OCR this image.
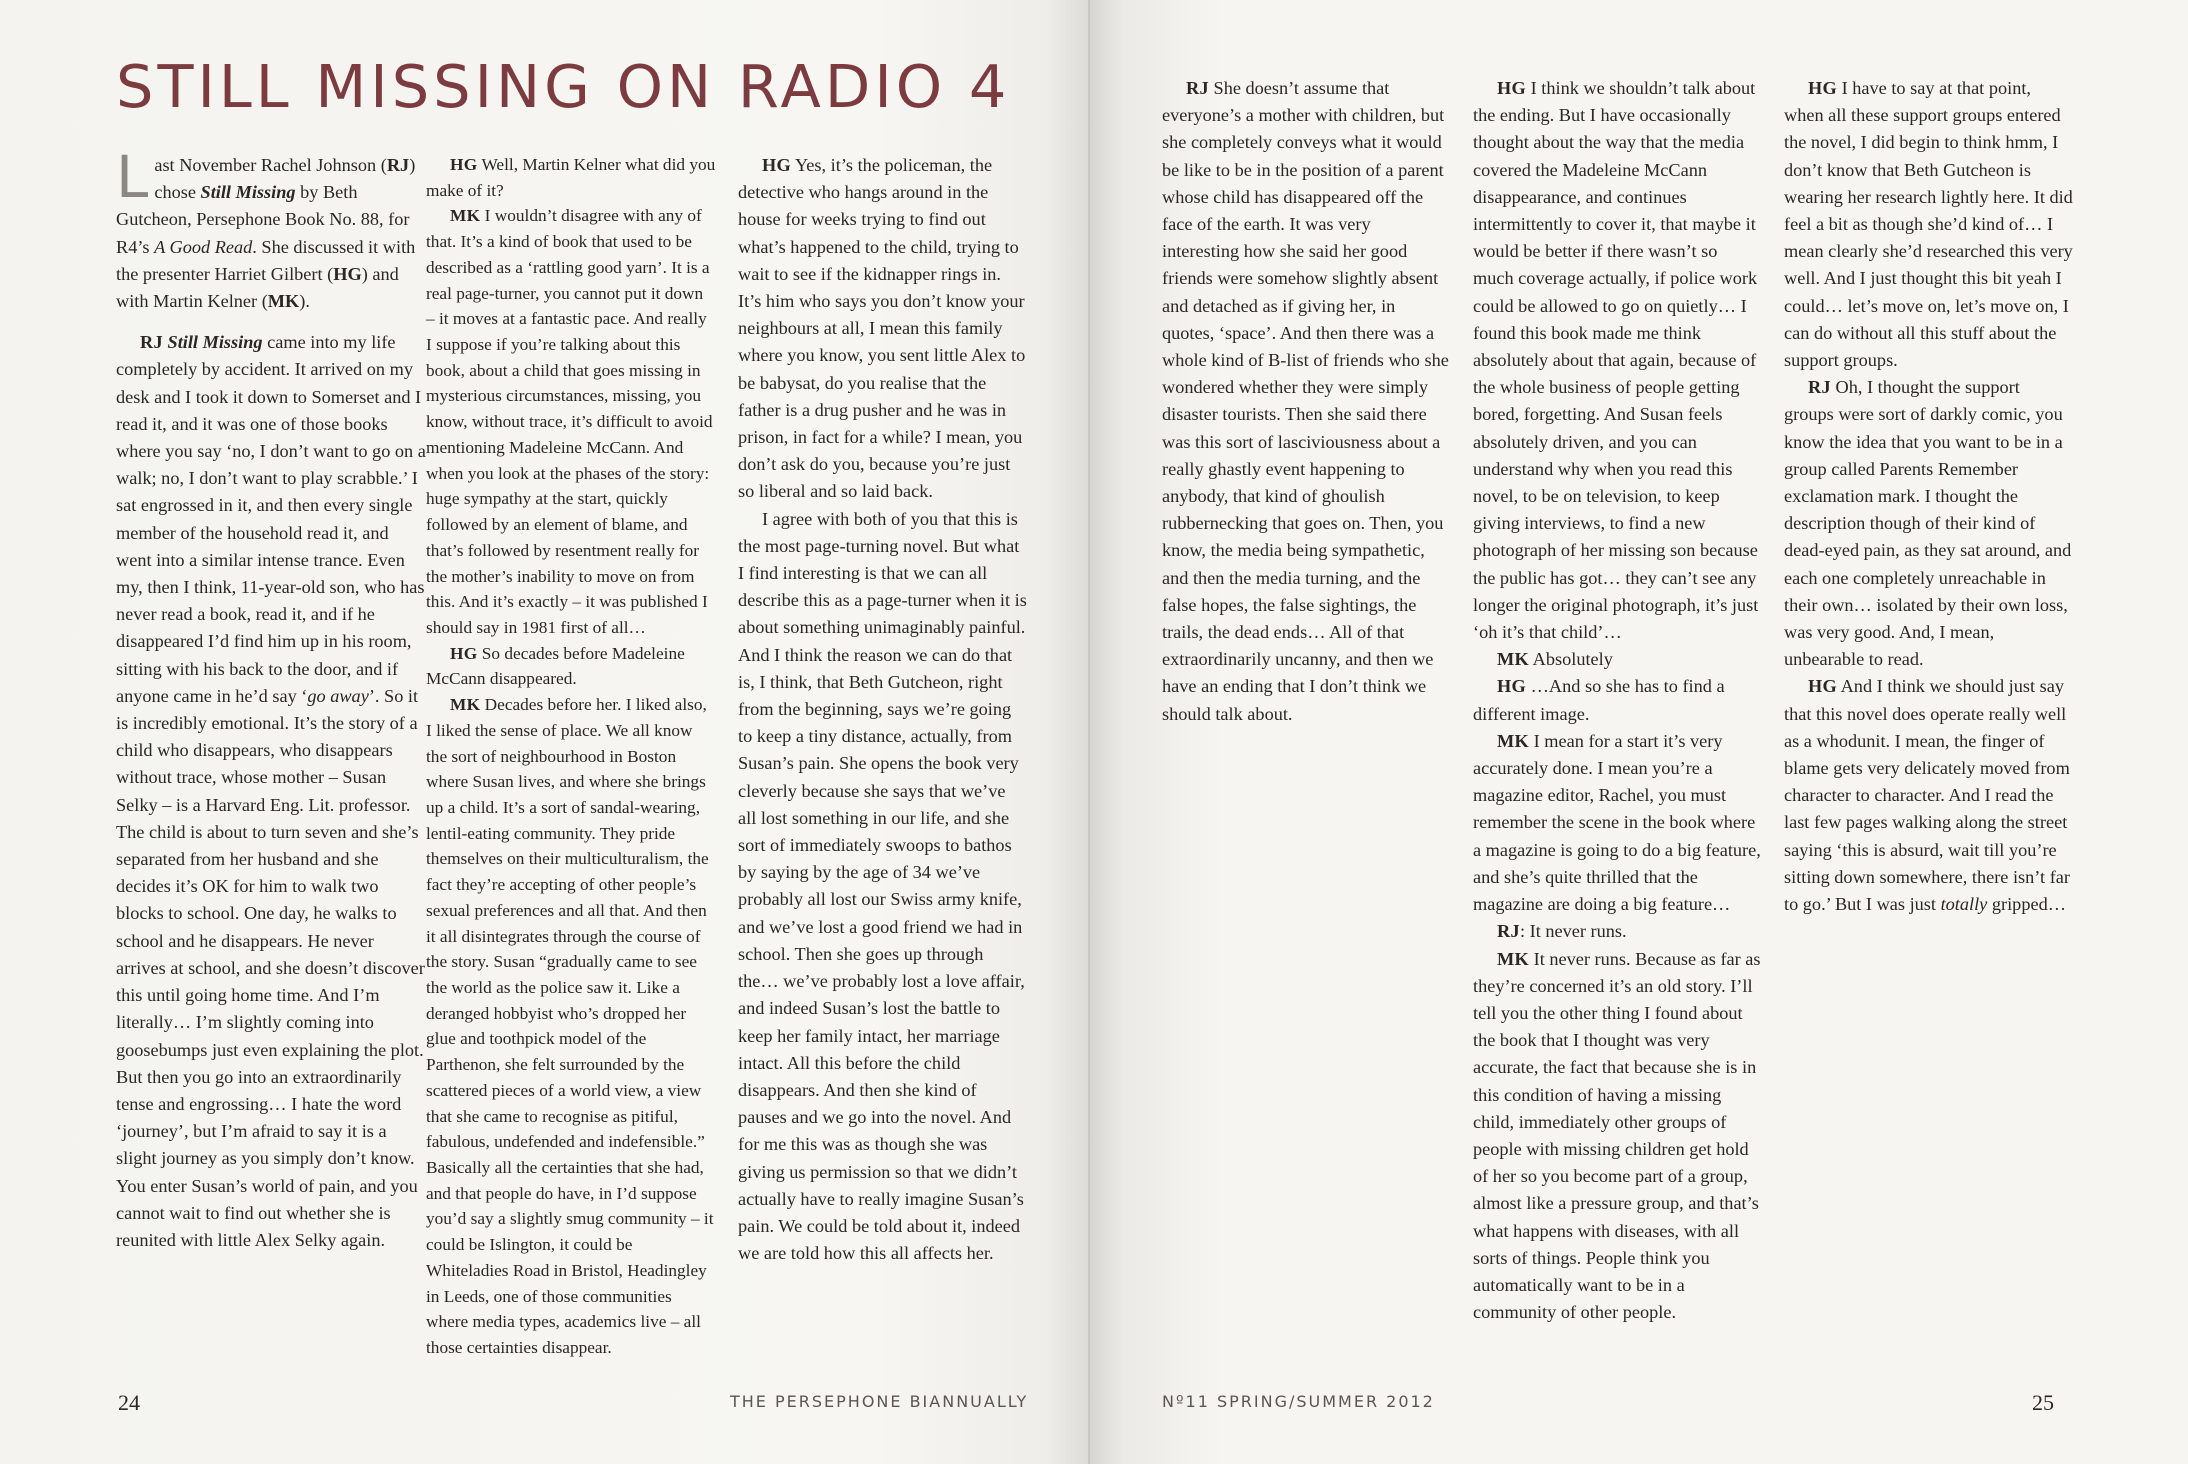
STILL MISSING ON RADIO 4

Last November Rachel Johnson (RJ) chose Still Missing by Beth Gutcheon, Persephone Book No. 88, for R4’s A Good Read. She discussed it with the presenter Harriet Gilbert (HG) and with Martin Kelner (MK).

RJ Still Missing came into my life completely by accident. It arrived on my desk and I took it down to Somerset and I read it, and it was one of those books where you say ‘no, I don’t want to go on a walk; no, I don’t want to play scrabble.’ I sat engrossed in it, and then every single member of the household read it, and went into a similar intense trance. Even my, then I think, 11-year-old son, who has never read a book, read it, and if he disappeared I’d find him up in his room, sitting with his back to the door, and if anyone came in he’d say ‘go away’. So it is incredibly emotional. It’s the story of a child who disappears, who disappears without trace, whose mother – Susan Selky – is a Harvard Eng. Lit. professor. The child is about to turn seven and she’s separated from her husband and she decides it’s OK for him to walk two blocks to school. One day, he walks to school and he disappears. He never arrives at school, and she doesn’t discover this until going home time. And I’m literally… I’m slightly coming into goosebumps just even explaining the plot. But then you go into an extraordinarily tense and engrossing… I hate the word ‘journey’, but I’m afraid to say it is a slight journey as you simply don’t know. You enter Susan’s world of pain, and you cannot wait to find out whether she is reunited with little Alex Selky again.

HG Well, Martin Kelner what did you make of it?

MK I wouldn’t disagree with any of that. It’s a kind of book that used to be described as a ‘rattling good yarn’. It is a real page-turner, you cannot put it down – it moves at a fantastic pace. And really I suppose if you’re talking about this book, about a child that goes missing in mysterious circumstances, missing, you know, without trace, it’s difficult to avoid mentioning Madeleine McCann. And when you look at the phases of the story: huge sympathy at the start, quickly followed by an element of blame, and that’s followed by resentment really for the mother’s inability to move on from this. And it’s exactly – it was published I should say in 1981 first of all…

HG So decades before Madeleine McCann disappeared.

MK Decades before her. I liked also, I liked the sense of place. We all know the sort of neighbourhood in Boston where Susan lives, and where she brings up a child. It’s a sort of sandal-wearing, lentil-eating community. They pride themselves on their multiculturalism, the fact they’re accepting of other people’s sexual preferences and all that. And then it all disintegrates through the course of the story. Susan “gradually came to see the world as the police saw it. Like a deranged hobbyist who’s dropped her glue and toothpick model of the Parthenon, she felt surrounded by the scattered pieces of a world view, a view that she came to recognise as pitiful, fabulous, undefended and indefensible.” Basically all the certainties that she had, and that people do have, in I’d suppose you’d say a slightly smug community – it could be Islington, it could be Whiteladies Road in Bristol, Headingley in Leeds, one of those communities where media types, academics live – all those certainties disappear.

HG Yes, it’s the policeman, the detective who hangs around in the house for weeks trying to find out what’s happened to the child, trying to wait to see if the kidnapper rings in. It’s him who says you don’t know your neighbours at all, I mean this family where you know, you sent little Alex to be babysat, do you realise that the father is a drug pusher and he was in prison, in fact for a while? I mean, you don’t ask do you, because you’re just so liberal and so laid back.

I agree with both of you that this is the most page-turning novel. But what I find interesting is that we can all describe this as a page-turner when it is about something unimaginably painful. And I think the reason we can do that is, I think, that Beth Gutcheon, right from the beginning, says we’re going to keep a tiny distance, actually, from Susan’s pain. She opens the book very cleverly because she says that we’ve all lost something in our life, and she sort of immediately swoops to bathos by saying by the age of 34 we’ve probably all lost our Swiss army knife, and we’ve lost a good friend we had in school. Then she goes up through the… we’ve probably lost a love affair, and indeed Susan’s lost the battle to keep her family intact, her marriage intact. All this before the child disappears. And then she kind of pauses and we go into the novel. And for me this was as though she was giving us permission so that we didn’t actually have to really imagine Susan’s pain. We could be told about it, indeed we are told how this all affects her.

24	THE PERSEPHONE BIANNUALLY

RJ She doesn’t assume that everyone’s a mother with children, but she completely conveys what it would be like to be in the position of a parent whose child has disappeared off the face of the earth. It was very interesting how she said her good friends were somehow slightly absent and detached as if giving her, in quotes, ‘space’. And then there was a whole kind of B-list of friends who she wondered whether they were simply disaster tourists. Then she said there was this sort of lasciviousness about a really ghastly event happening to anybody, that kind of ghoulish rubbernecking that goes on. Then, you know, the media being sympathetic, and then the media turning, and the false hopes, the false sightings, the trails, the dead ends… All of that extraordinarily uncanny, and then we have an ending that I don’t think we should talk about.

HG I think we shouldn’t talk about the ending. But I have occasionally thought about the way that the media covered the Madeleine McCann disappearance, and continues intermittently to cover it, that maybe it would be better if there wasn’t so much coverage actually, if police work could be allowed to go on quietly… I found this book made me think absolutely about that again, because of the whole business of people getting bored, forgetting. And Susan feels absolutely driven, and you can understand why when you read this novel, to be on television, to keep giving interviews, to find a new photograph of her missing son because the public has got… they can’t see any longer the original photograph, it’s just ‘oh it’s that child’…

MK Absolutely

HG …And so she has to find a different image.

MK I mean for a start it’s very accurately done. I mean you’re a magazine editor, Rachel, you must remember the scene in the book where a magazine is going to do a big feature, and she’s quite thrilled that the magazine are doing a big feature…

RJ: It never runs.

MK It never runs. Because as far as they’re concerned it’s an old story. I’ll tell you the other thing I found about the book that I thought was very accurate, the fact that because she is in this condition of having a missing child, immediately other groups of people with missing children get hold of her so you become part of a group, almost like a pressure group, and that’s what happens with diseases, with all sorts of things. People think you automatically want to be in a community of other people.

HG I have to say at that point, when all these support groups entered the novel, I did begin to think hmm, I don’t know that Beth Gutcheon is wearing her research lightly here. It did feel a bit as though she’d kind of… I mean clearly she’d researched this very well. And I just thought this bit yeah I could… let’s move on, let’s move on, I can do without all this stuff about the support groups.

RJ Oh, I thought the support groups were sort of darkly comic, you know the idea that you want to be in a group called Parents Remember exclamation mark. I thought the description though of their kind of dead-eyed pain, as they sat around, and each one completely unreachable in their own… isolated by their own loss, was very good. And, I mean, unbearable to read.

HG And I think we should just say that this novel does operate really well as a whodunit. I mean, the finger of blame gets very delicately moved from character to character. And I read the last few pages walking along the street saying ‘this is absurd, wait till you’re sitting down somewhere, there isn’t far to go.’ But I was just totally gripped…

Nº11 SPRING/SUMMER 2012	25
